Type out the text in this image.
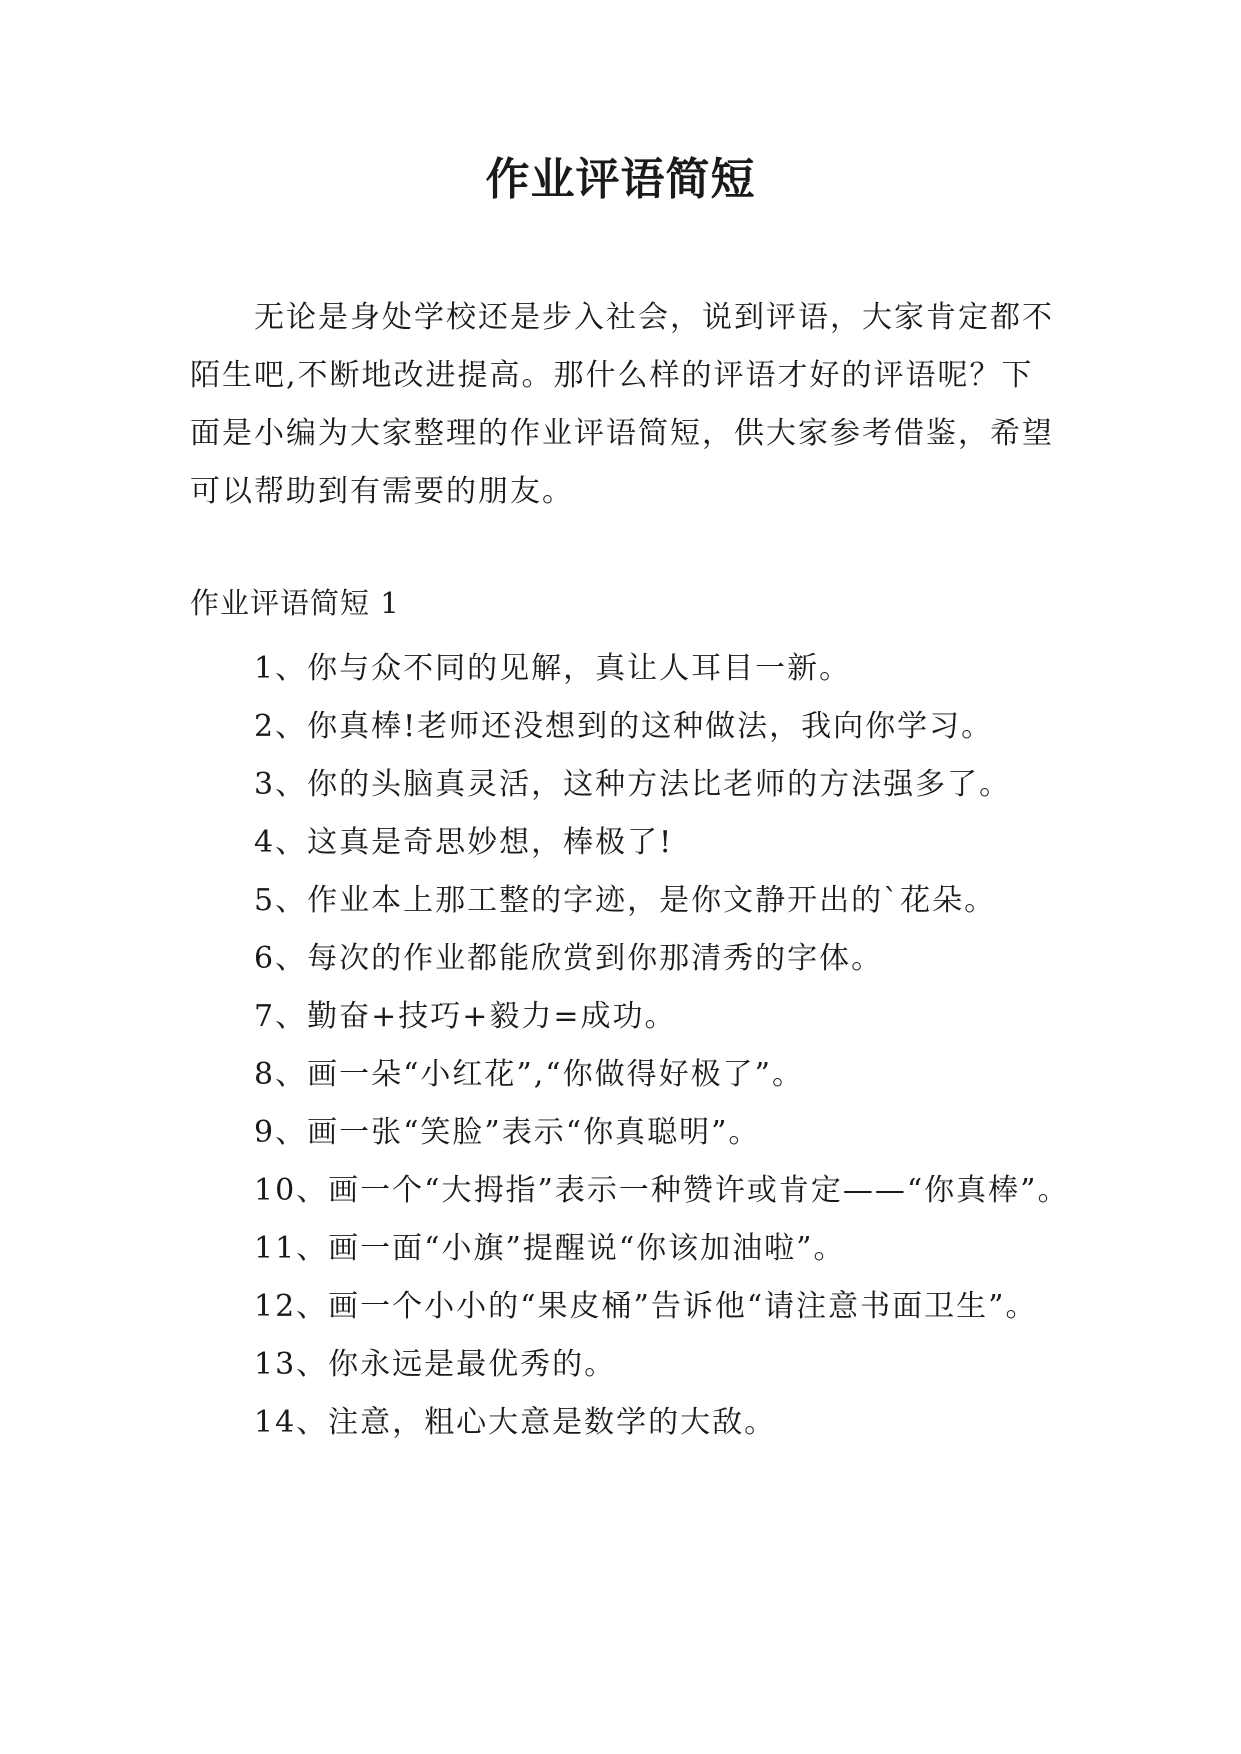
作业评语简短

无论是身处学校还是步入社会，说到评语，大家肯定都不陌生吧,不断地改进提高。那什么样的评语才好的评语呢？下面是小编为大家整理的作业评语简短，供大家参考借鉴，希望可以帮助到有需要的朋友。

作业评语简短 1
1、你与众不同的见解，真让人耳目一新。
2、你真棒!老师还没想到的这种做法，我向你学习。
3、你的头脑真灵活，这种方法比老师的方法强多了。
4、这真是奇思妙想，棒极了!
5、作业本上那工整的字迹，是你文静开出的`花朵。
6、每次的作业都能欣赏到你那清秀的字体。
7、勤奋+技巧+毅力=成功。
8、画一朵“小红花”,“你做得好极了”。
9、画一张“笑脸”表示“你真聪明”。
10、画一个“大拇指”表示一种赞许或肯定——“你真棒”。
11、画一面“小旗”提醒说“你该加油啦”。
12、画一个小小的“果皮桶”告诉他“请注意书面卫生”。
13、你永远是最优秀的。
14、注意，粗心大意是数学的大敌。
